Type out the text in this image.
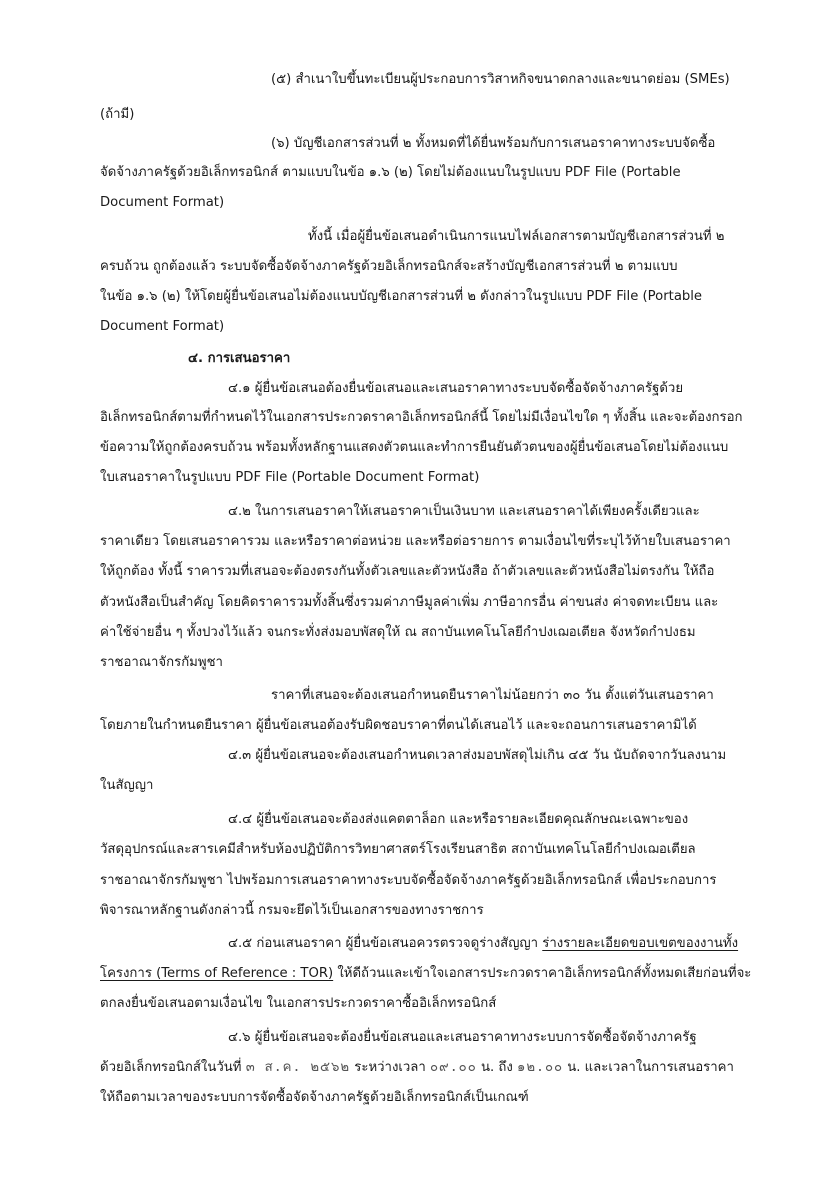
(๕) สำเนาใบขึ้นทะเบียนผู้ประกอบการวิสาหกิจขนาดกลางและขนาดย่อม (SMEs)
(ถ้ามี)
(๖) บัญชีเอกสารส่วนที่ ๒ ทั้งหมดที่ได้ยื่นพร้อมกับการเสนอราคาทางระบบจัดซื้อ
จัดจ้างภาครัฐด้วยอิเล็กทรอนิกส์ ตามแบบในข้อ ๑.๖ (๒) โดยไม่ต้องแนบในรูปแบบ PDF File (Portable
Document Format)
ทั้งนี้ เมื่อผู้ยื่นข้อเสนอดำเนินการแนบไฟล์เอกสารตามบัญชีเอกสารส่วนที่ ๒
ครบถ้วน ถูกต้องแล้ว ระบบจัดซื้อจัดจ้างภาครัฐด้วยอิเล็กทรอนิกส์จะสร้างบัญชีเอกสารส่วนที่ ๒ ตามแบบ
ในข้อ ๑.๖ (๒) ให้โดยผู้ยื่นข้อเสนอไม่ต้องแนบบัญชีเอกสารส่วนที่ ๒ ดังกล่าวในรูปแบบ PDF File (Portable
Document Format)
๔. การเสนอราคา
๔.๑ ผู้ยื่นข้อเสนอต้องยื่นข้อเสนอและเสนอราคาทางระบบจัดซื้อจัดจ้างภาครัฐด้วย
อิเล็กทรอนิกส์ตามที่กำหนดไว้ในเอกสารประกวดราคาอิเล็กทรอนิกส์นี้ โดยไม่มีเงื่อนไขใด ๆ ทั้งสิ้น และจะต้องกรอก
ข้อความให้ถูกต้องครบถ้วน พร้อมทั้งหลักฐานแสดงตัวตนและทำการยืนยันตัวตนของผู้ยื่นข้อเสนอโดยไม่ต้องแนบ
ใบเสนอราคาในรูปแบบ PDF File (Portable Document Format)
๔.๒ ในการเสนอราคาให้เสนอราคาเป็นเงินบาท และเสนอราคาได้เพียงครั้งเดียวและ
ราคาเดียว โดยเสนอราคารวม และหรือราคาต่อหน่วย และหรือต่อรายการ ตามเงื่อนไขที่ระบุไว้ท้ายใบเสนอราคา
ให้ถูกต้อง ทั้งนี้ ราคารวมที่เสนอจะต้องตรงกันทั้งตัวเลขและตัวหนังสือ ถ้าตัวเลขและตัวหนังสือไม่ตรงกัน ให้ถือ
ตัวหนังสือเป็นสำคัญ โดยคิดราคารวมทั้งสิ้นซึ่งรวมค่าภาษีมูลค่าเพิ่ม ภาษีอากรอื่น ค่าขนส่ง ค่าจดทะเบียน และ
ค่าใช้จ่ายอื่น ๆ ทั้งปวงไว้แล้ว จนกระทั่งส่งมอบพัสดุให้ ณ สถาบันเทคโนโลยีกำปงเฌอเตียล จังหวัดกำปงธม
ราชอาณาจักรกัมพูชา
ราคาที่เสนอจะต้องเสนอกำหนดยืนราคาไม่น้อยกว่า ๓๐ วัน ตั้งแต่วันเสนอราคา
โดยภายในกำหนดยืนราคา ผู้ยื่นข้อเสนอต้องรับผิดชอบราคาที่ตนได้เสนอไว้ และจะถอนการเสนอราคามิได้
๔.๓ ผู้ยื่นข้อเสนอจะต้องเสนอกำหนดเวลาส่งมอบพัสดุไม่เกิน ๔๕ วัน นับถัดจากวันลงนาม
ในสัญญา
๔.๔ ผู้ยื่นข้อเสนอจะต้องส่งแคตตาล็อก และหรือรายละเอียดคุณลักษณะเฉพาะของ
วัสดุอุปกรณ์และสารเคมีสำหรับห้องปฏิบัติการวิทยาศาสตร์โรงเรียนสาธิต สถาบันเทคโนโลยีกำปงเฌอเตียล
ราชอาณาจักรกัมพูชา ไปพร้อมการเสนอราคาทางระบบจัดซื้อจัดจ้างภาครัฐด้วยอิเล็กทรอนิกส์ เพื่อประกอบการ
พิจารณาหลักฐานดังกล่าวนี้ กรมจะยึดไว้เป็นเอกสารของทางราชการ
๔.๕ ก่อนเสนอราคา ผู้ยื่นข้อเสนอควรตรวจดูร่างสัญญา ร่างรายละเอียดขอบเขตของงานทั้ง
โครงการ (Terms of Reference : TOR) ให้ดีถ้วนและเข้าใจเอกสารประกวดราคาอิเล็กทรอนิกส์ทั้งหมดเสียก่อนที่จะ
ตกลงยื่นข้อเสนอตามเงื่อนไข ในเอกสารประกวดราคาซื้ออิเล็กทรอนิกส์
๔.๖ ผู้ยื่นข้อเสนอจะต้องยื่นข้อเสนอและเสนอราคาทางระบบการจัดซื้อจัดจ้างภาครัฐ
ด้วยอิเล็กทรอนิกส์ในวันที่ ๓ ส.ค. ๒๕๖๒ ระหว่างเวลา ๐๙.๐๐ น. ถึง ๑๒.๐๐ น. และเวลาในการเสนอราคา
ให้ถือตามเวลาของระบบการจัดซื้อจัดจ้างภาครัฐด้วยอิเล็กทรอนิกส์เป็นเกณฑ์
